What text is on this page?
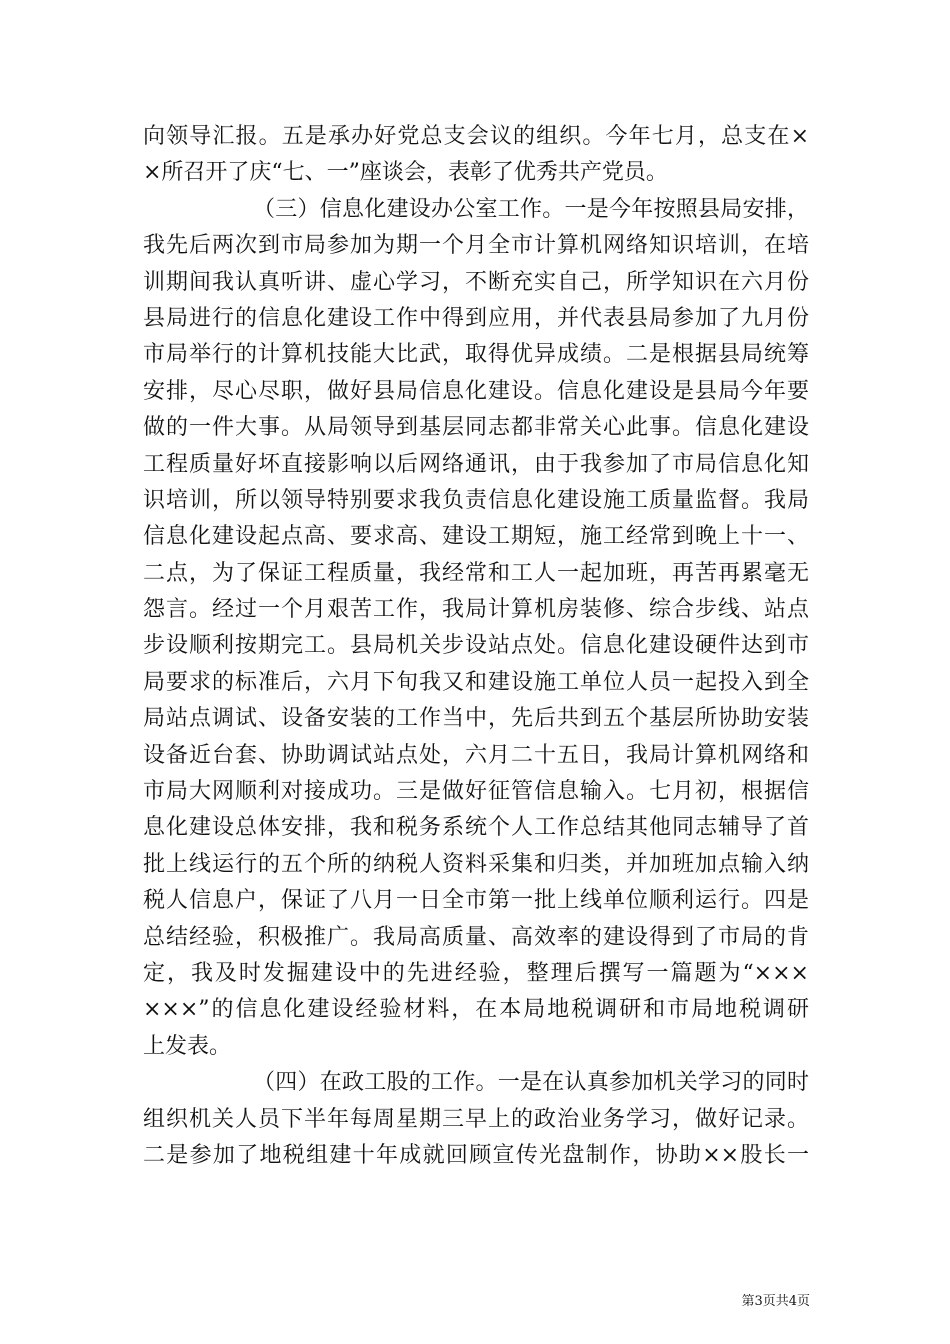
向领导汇报。五是承办好党总支会议的组织。今年七月，总支在×
×所召开了庆“七、一”座谈会，表彰了优秀共产党员。
（三）信息化建设办公室工作。一是今年按照县局安排，
我先后两次到市局参加为期一个月全市计算机网络知识培训，在培
训期间我认真听讲、虚心学习，不断充实自己，所学知识在六月份
县局进行的信息化建设工作中得到应用，并代表县局参加了九月份
市局举行的计算机技能大比武，取得优异成绩。二是根据县局统筹
安排，尽心尽职，做好县局信息化建设。信息化建设是县局今年要
做的一件大事。从局领导到基层同志都非常关心此事。信息化建设
工程质量好坏直接影响以后网络通讯，由于我参加了市局信息化知
识培训，所以领导特别要求我负责信息化建设施工质量监督。我局
信息化建设起点高、要求高、建设工期短，施工经常到晚上十一、
二点，为了保证工程质量，我经常和工人一起加班，再苦再累毫无
怨言。经过一个月艰苦工作，我局计算机房装修、综合步线、站点
步设顺利按期完工。县局机关步设站点处。信息化建设硬件达到市
局要求的标准后，六月下旬我又和建设施工单位人员一起投入到全
局站点调试、设备安装的工作当中，先后共到五个基层所协助安装
设备近台套、协助调试站点处，六月二十五日，我局计算机网络和
市局大网顺利对接成功。三是做好征管信息输入。七月初，根据信
息化建设总体安排，我和税务系统个人工作总结其他同志辅导了首
批上线运行的五个所的纳税人资料采集和归类，并加班加点输入纳
税人信息户，保证了八月一日全市第一批上线单位顺利运行。四是
总结经验，积极推广。我局高质量、高效率的建设得到了市局的肯
定，我及时发掘建设中的先进经验，整理后撰写一篇题为“×××
×××”的信息化建设经验材料，在本局地税调研和市局地税调研
上发表。
（四）在政工股的工作。一是在认真参加机关学习的同时
组织机关人员下半年每周星期三早上的政治业务学习，做好记录。
二是参加了地税组建十年成就回顾宣传光盘制作，协助××股长一
第3页共4页
